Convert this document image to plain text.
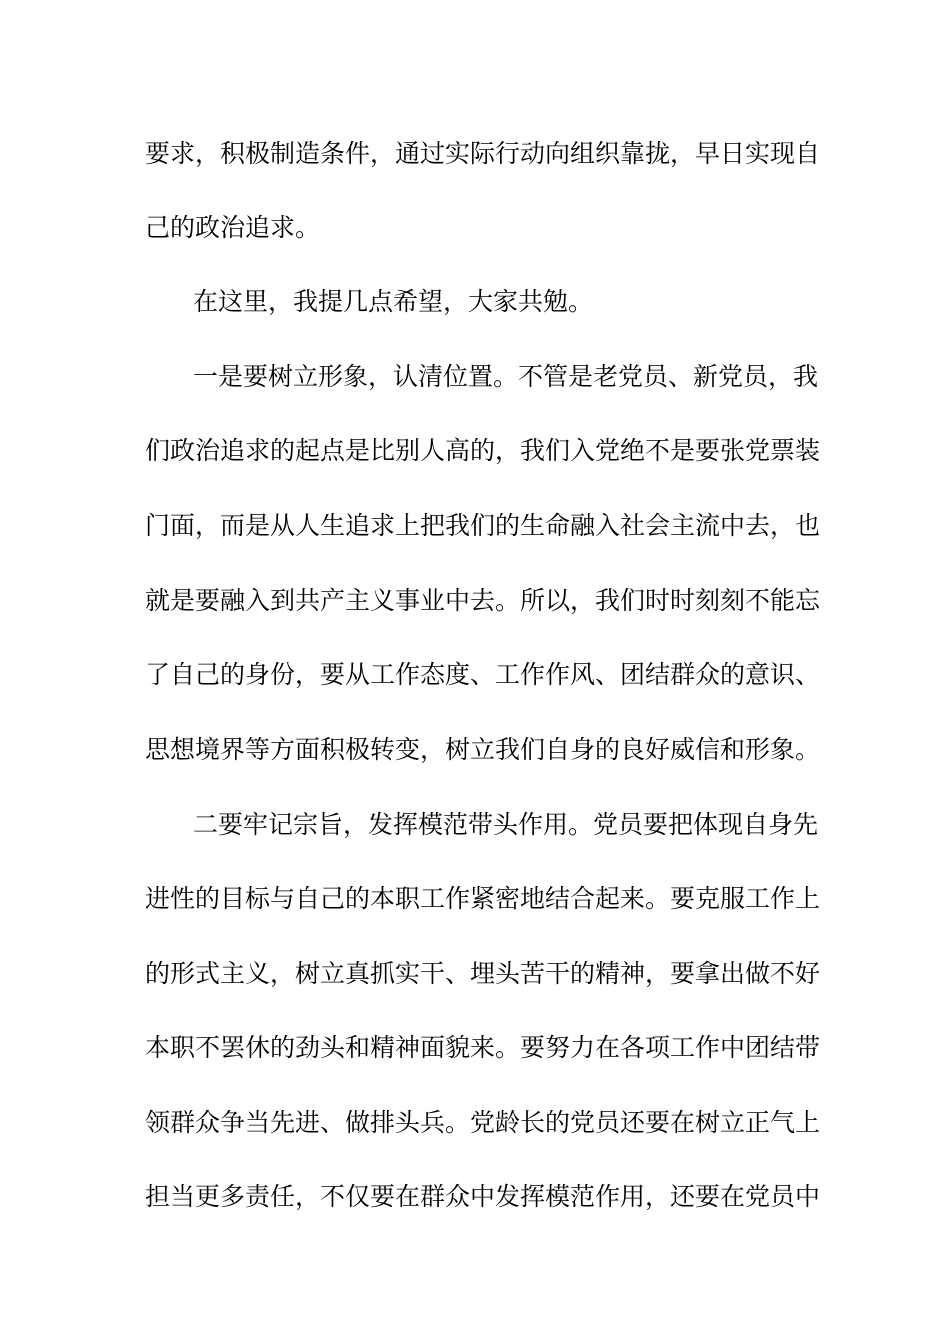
要求，积极制造条件，通过实际行动向组织靠拢，早日实现自
己的政治追求。
在这里，我提几点希望，大家共勉。
一是要树立形象，认清位置。不管是老党员、新党员，我
们政治追求的起点是比别人高的，我们入党绝不是要张党票装
门面，而是从人生追求上把我们的生命融入社会主流中去，也
就是要融入到共产主义事业中去。所以，我们时时刻刻不能忘
了自己的身份，要从工作态度、工作作风、团结群众的意识、
思想境界等方面积极转变，树立我们自身的良好威信和形象。
二要牢记宗旨，发挥模范带头作用。党员要把体现自身先
进性的目标与自己的本职工作紧密地结合起来。要克服工作上
的形式主义，树立真抓实干、埋头苦干的精神，要拿出做不好
本职不罢休的劲头和精神面貌来。要努力在各项工作中团结带
领群众争当先进、做排头兵。党龄长的党员还要在树立正气上
担当更多责任，不仅要在群众中发挥模范作用，还要在党员中
